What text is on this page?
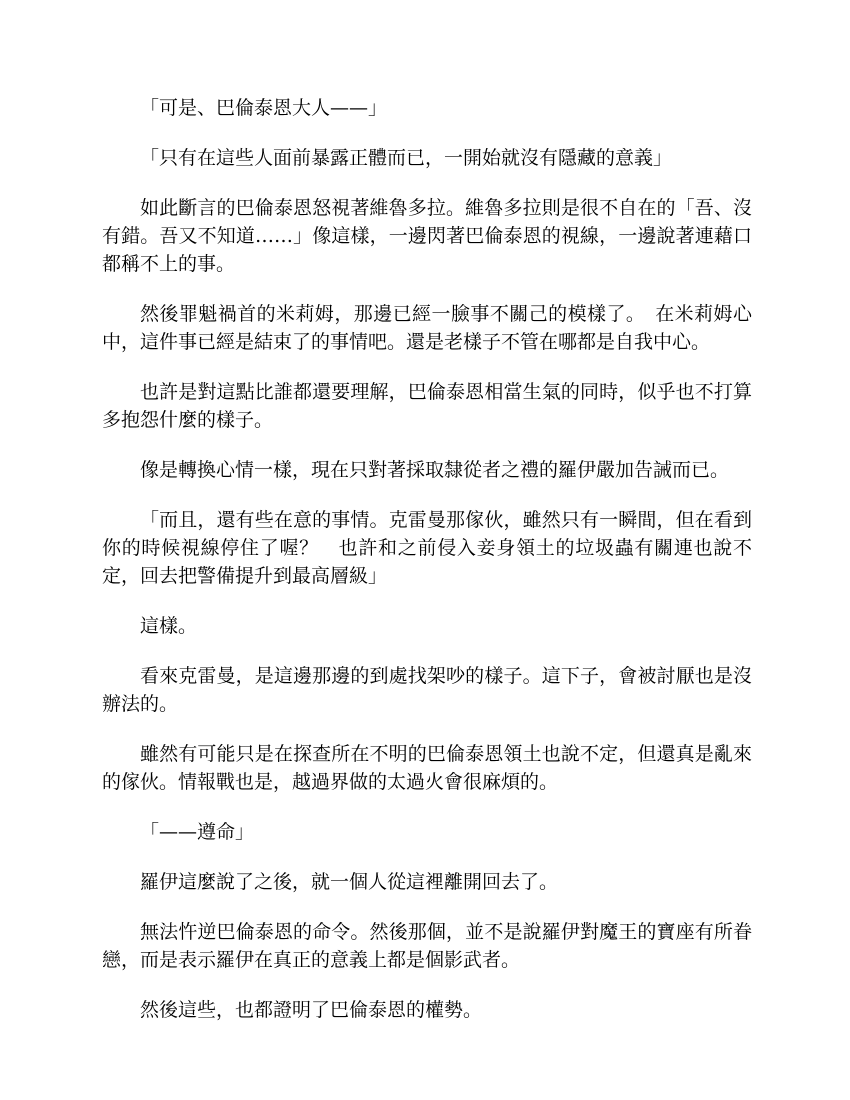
「可是、巴倫泰恩大人——」

「只有在這些人面前暴露正體而已，一開始就沒有隱藏的意義」

如此斷言的巴倫泰恩怒視著維魯多拉。維魯多拉則是很不自在的「吾、沒有錯。吾又不知道……」像這樣，一邊閃著巴倫泰恩的視線，一邊說著連藉口都稱不上的事。

然後罪魁禍首的米莉姆，那邊已經一臉事不關己的模樣了。　在米莉姆心中，這件事已經是結束了的事情吧。還是老樣子不管在哪都是自我中心。

也許是對這點比誰都還要理解，巴倫泰恩相當生氣的同時，似乎也不打算多抱怨什麼的樣子。

像是轉換心情一樣，現在只對著採取隸從者之禮的羅伊嚴加告誡而已。

「而且，還有些在意的事情。克雷曼那傢伙，雖然只有一瞬間，但在看到你的時候視線停住了喔？　也許和之前侵入妾身領土的垃圾蟲有關連也說不定，回去把警備提升到最高層級」

這樣。

看來克雷曼，是這邊那邊的到處找架吵的樣子。這下子，會被討厭也是沒辦法的。

雖然有可能只是在探查所在不明的巴倫泰恩領土也說不定，但還真是亂來的傢伙。情報戰也是，越過界做的太過火會很麻煩的。

「——遵命」

羅伊這麼說了之後，就一個人從這裡離開回去了。

無法忤逆巴倫泰恩的命令。然後那個，並不是說羅伊對魔王的寶座有所眷戀，而是表示羅伊在真正的意義上都是個影武者。

然後這些，也都證明了巴倫泰恩的權勢。
